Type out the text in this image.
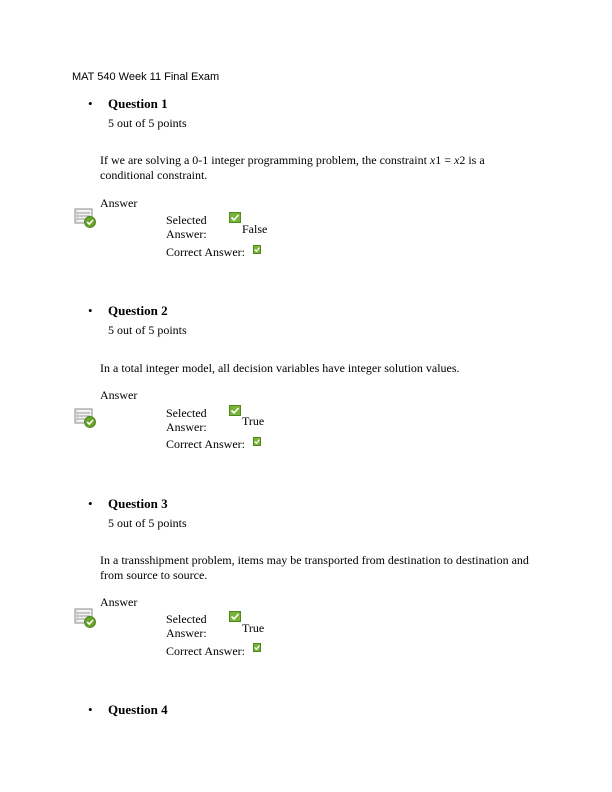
MAT 540 Week 11 Final Exam
• Question 1
5 out of 5 points
If we are solving a 0-1 integer programming problem, the constraint x1 = x2 is a conditional constraint.
Answer
Selected Answer:	False
Correct Answer:
• Question 2
5 out of 5 points
In a total integer model, all decision variables have integer solution values.
Answer
Selected Answer:	True
Correct Answer:
• Question 3
5 out of 5 points
In a transshipment problem, items may be transported from destination to destination and from source to source.
Answer
Selected Answer:	True
Correct Answer:
• Question 4
